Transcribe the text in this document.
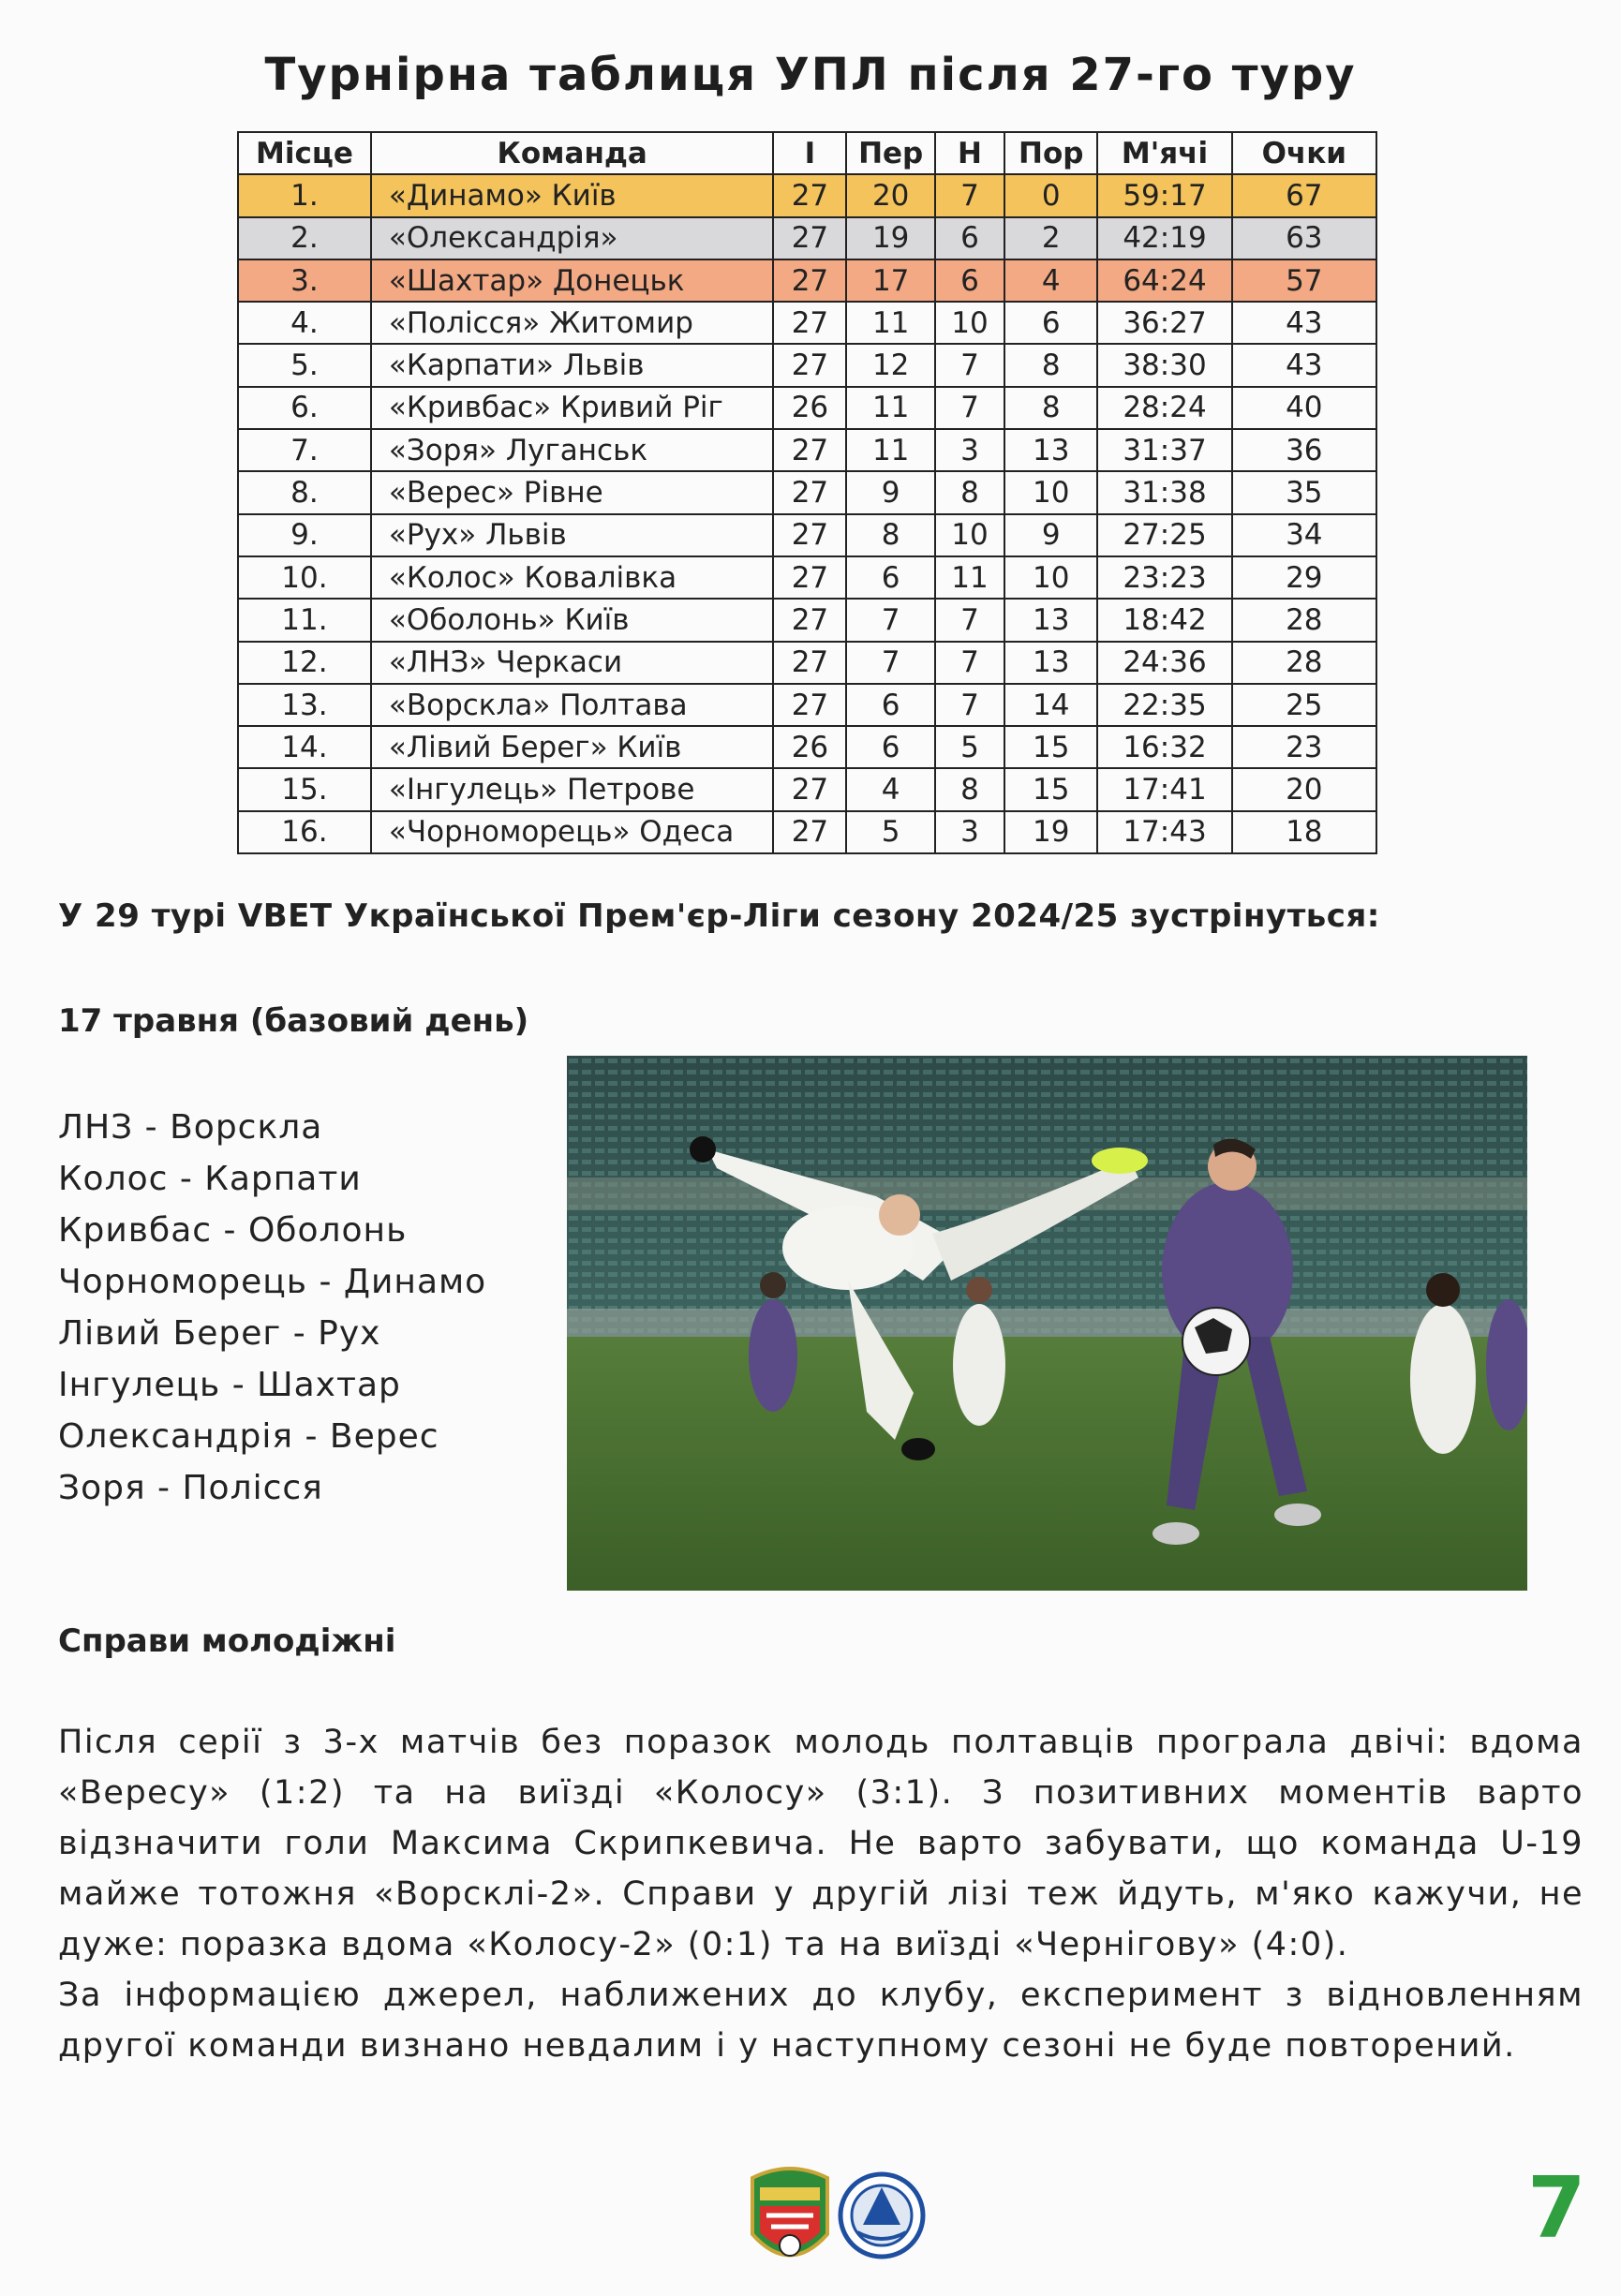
Турнірна таблиця УПЛ після 27-го туру
Місце	Команда	І	Пер	Н	Пор	М'ячі	Очки
1.	«Динамо» Київ	27	20	7	0	59:17	67
2.	«Олександрія»	27	19	6	2	42:19	63
3.	«Шахтар» Донецьк	27	17	6	4	64:24	57
4.	«Полісся» Житомир	27	11	10	6	36:27	43
5.	«Карпати» Львів	27	12	7	8	38:30	43
6.	«Кривбас» Кривий Ріг	26	11	7	8	28:24	40
7.	«Зоря» Луганськ	27	11	3	13	31:37	36
8.	«Верес» Рівне	27	9	8	10	31:38	35
9.	«Рух» Львів	27	8	10	9	27:25	34
10.	«Колос» Ковалівка	27	6	11	10	23:23	29
11.	«Оболонь» Київ	27	7	7	13	18:42	28
12.	«ЛНЗ» Черкаси	27	7	7	13	24:36	28
13.	«Ворскла» Полтава	27	6	7	14	22:35	25
14.	«Лівий Берег» Київ	26	6	5	15	16:32	23
15.	«Інгулець» Петрове	27	4	8	15	17:41	20
16.	«Чорноморець» Одеса	27	5	3	19	17:43	18
У 29 турі VBET Української Прем'єр-Ліги сезону 2024/25 зустрінуться:
17 травня (базовий день)
ЛНЗ - Ворскла
Колос - Карпати
Кривбас - Оболонь
Чорноморець - Динамо
Лівий Берег - Рух
Інгулець - Шахтар
Олександрія - Верес
Зоря - Полісся
Справи молодіжні

Після серії з 3-х матчів без поразок молодь полтавців програла двічі: вдома «Вересу» (1:2) та на виїзді «Колосу» (3:1). З позитивних моментів варто відзначити голи Максима Скрипкевича. Не варто забувати, що команда U-19 майже тотожня «Ворсклі-2». Справи у другій лізі теж йдуть, м'яко кажучи, не дуже: поразка вдома «Колосу-2» (0:1) та на виїзді «Чернігову» (4:0).

За інформацією джерел, наближених до клубу, експеримент з відновленням другої команди визнано невдалим і у наступному сезоні не буде повторений.

7
